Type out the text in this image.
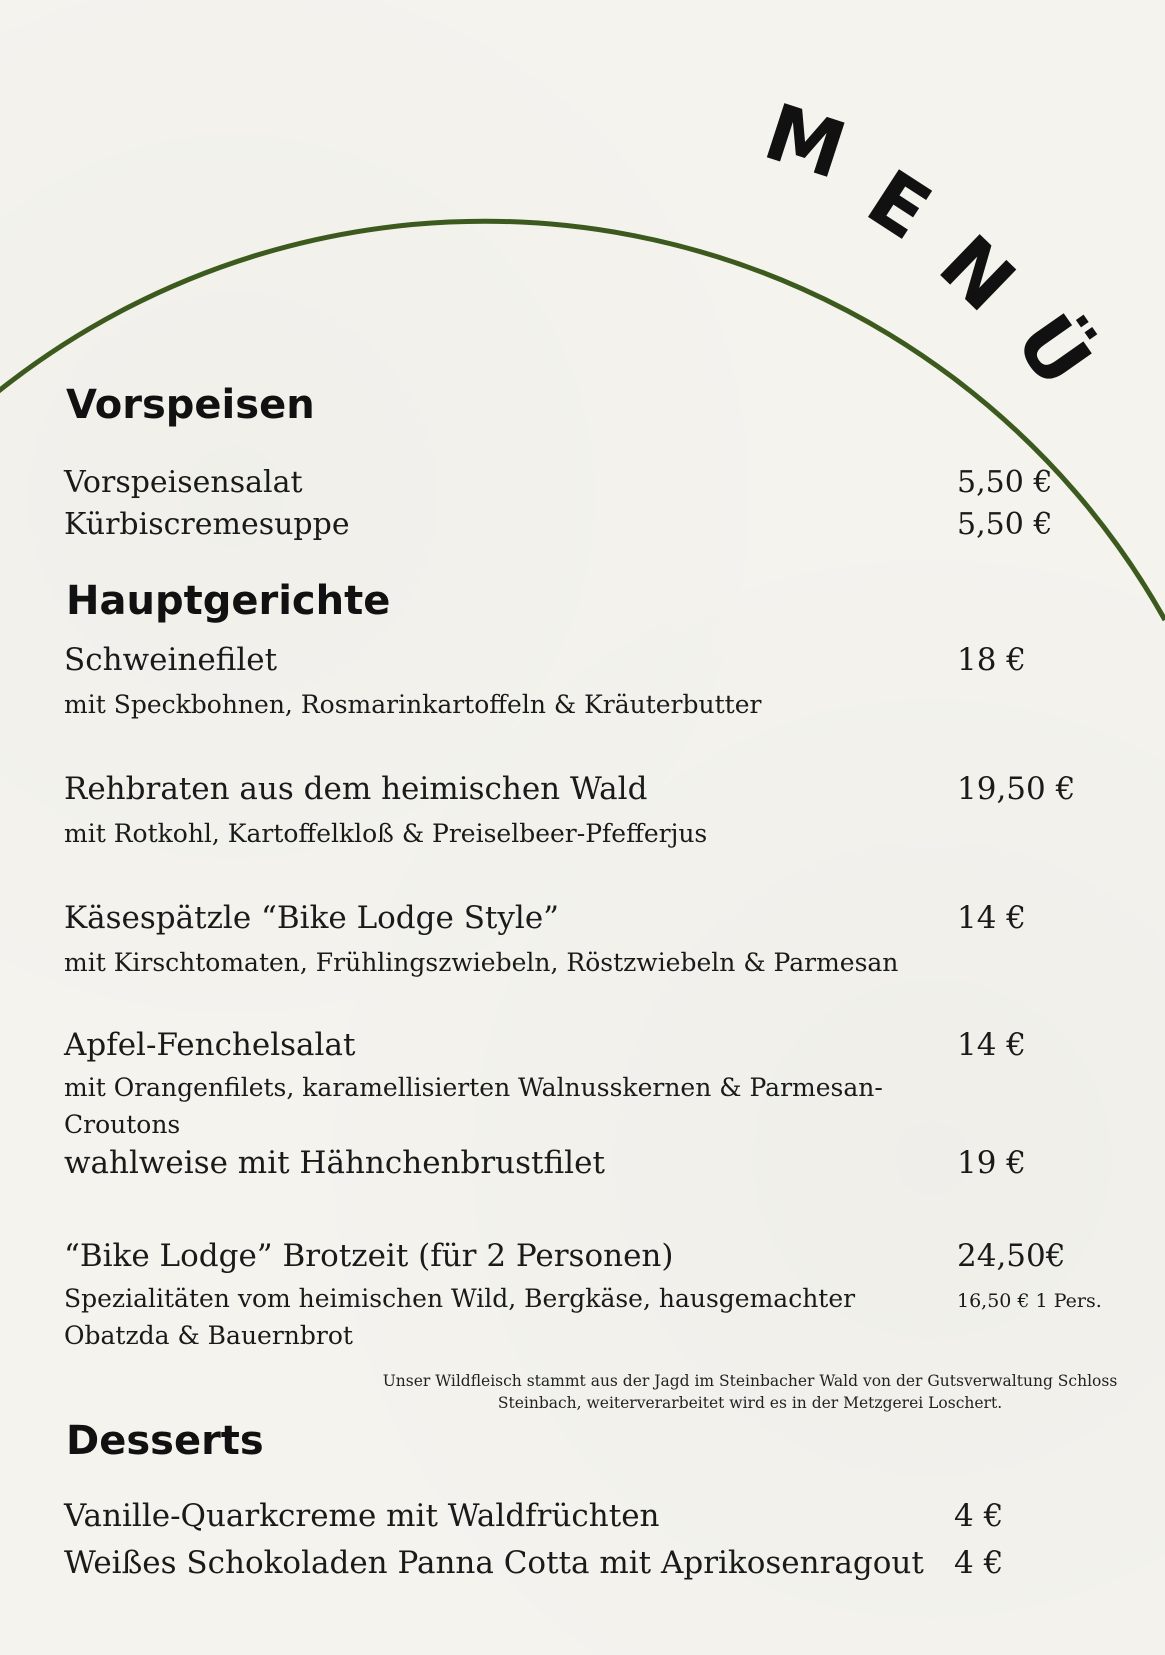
M
E
N
Ü
Vorspeisen
Vorspeisensalat	5,50 €
Kürbiscremesuppe	5,50 €
Hauptgerichte
Schweinefilet	18 €
mit Speckbohnen, Rosmarinkartoffeln & Kräuterbutter
Rehbraten aus dem heimischen Wald	19,50 €
mit Rotkohl, Kartoffelkloß & Preiselbeer-Pfefferjus
Käsespätzle “Bike Lodge Style”	14 €
mit Kirschtomaten, Frühlingszwiebeln, Röstzwiebeln & Parmesan
Apfel-Fenchelsalat	14 €
mit Orangenfilets, karamellisierten Walnusskernen & Parmesan-Croutons
wahlweise mit Hähnchenbrustfilet	19 €
“Bike Lodge” Brotzeit (für 2 Personen)	24,50€
Spezialitäten vom heimischen Wild, Bergkäse, hausgemachter Obatzda & Bauernbrot
16,50 € 1 Pers.
Unser Wildfleisch stammt aus der Jagd im Steinbacher Wald von der Gutsverwaltung Schloss Steinbach, weiterverarbeitet wird es in der Metzgerei Loschert.
Desserts
Vanille-Quarkcreme mit Waldfrüchten	4 €
Weißes Schokoladen Panna Cotta mit Aprikosenragout 4 €
